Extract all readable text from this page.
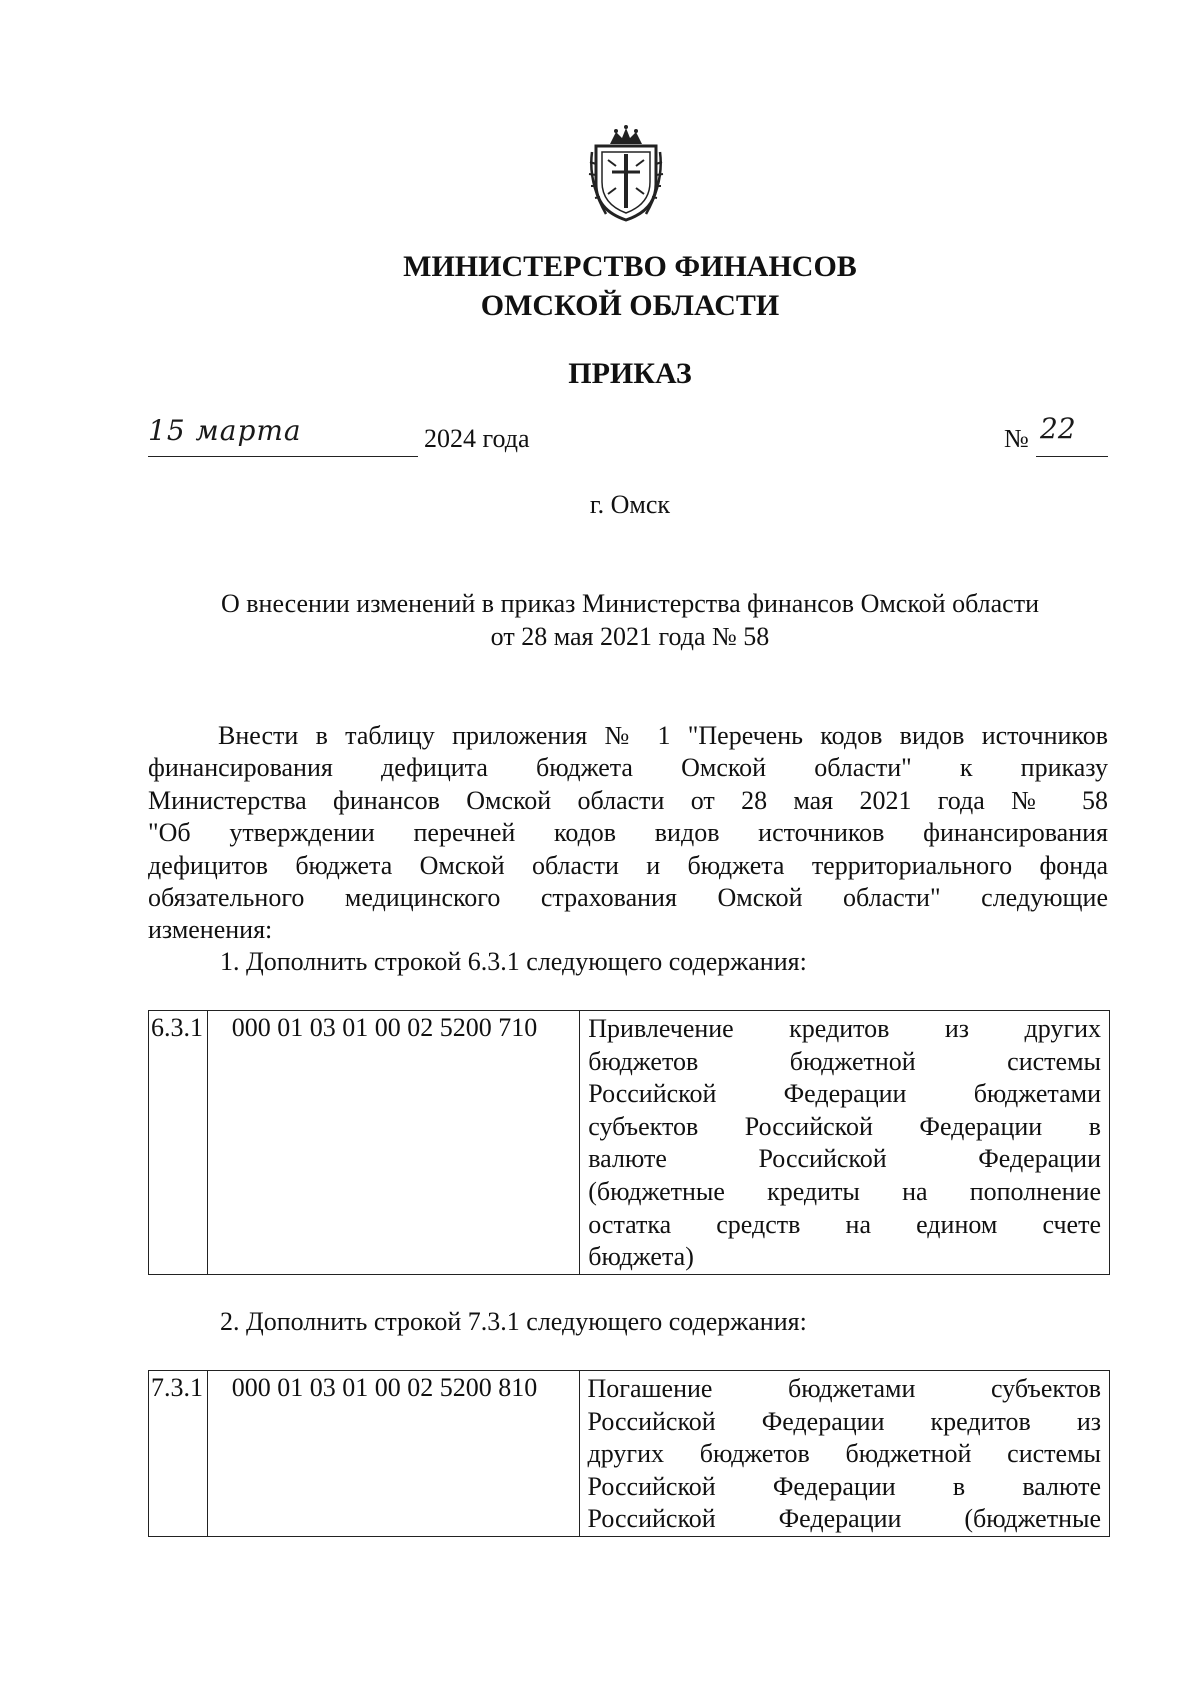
МИНИСТЕРСТВО ФИНАНСОВ
ОМСКОЙ ОБЛАСТИ
ПРИКАЗ
15 марта	2024 года	№ 22
г. Омск
О внесении изменений в приказ Министерства финансов Омской области
от 28 мая 2021 года № 58
Внести в таблицу приложения № 1 "Перечень кодов видов источников
финансирования дефицита бюджета Омской области" к приказу
Министерства финансов Омской области от 28 мая 2021 года № 58
"Об утверждении перечней кодов видов источников финансирования
дефицитов бюджета Омской области и бюджета территориального фонда
обязательного медицинского страхования Омской области" следующие
изменения:
1. Дополнить строкой 6.3.1 следующего содержания:
6.3.1	000 01 03 01 00 02 5200 710	Привлечение кредитов из других
бюджетов бюджетной системы
Российской Федерации бюджетами
субъектов Российской Федерации в
валюте Российской Федерации
(бюджетные кредиты на пополнение
остатка средств на едином счете
бюджета)
2. Дополнить строкой 7.3.1 следующего содержания:
7.3.1	000 01 03 01 00 02 5200 810	Погашение бюджетами субъектов
Российской Федерации кредитов из
других бюджетов бюджетной системы
Российской Федерации в валюте
Российской Федерации (бюджетные
